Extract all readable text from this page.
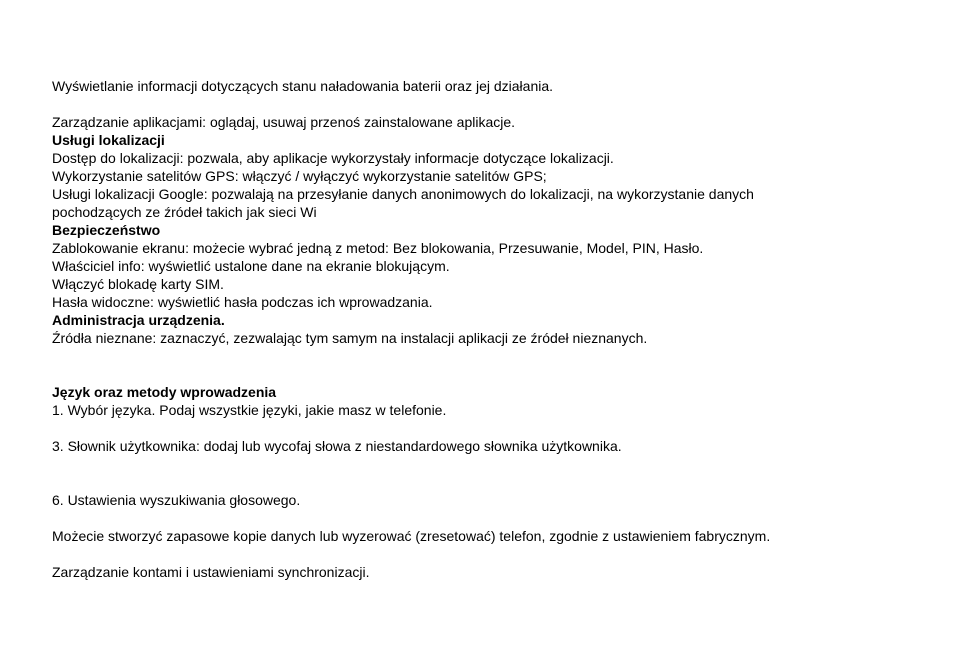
Wyświetlanie informacji dotyczących stanu naładowania baterii oraz jej działania.

Zarządzanie aplikacjami: oglądaj, usuwaj przenoś zainstalowane aplikacje.

Usługi lokalizacji

Dostęp do lokalizacji: pozwala, aby aplikacje wykorzystały informacje dotyczące lokalizacji.

Wykorzystanie satelitów GPS: włączyć / wyłączyć wykorzystanie satelitów GPS;

Usługi lokalizacji Google: pozwalają na przesyłanie danych anonimowych do lokalizacji, na wykorzystanie danych pochodzących ze źródeł takich jak sieci Wi

Bezpieczeństwo

Zablokowanie ekranu: możecie wybrać jedną z metod: Bez blokowania, Przesuwanie, Model, PIN, Hasło.

Właściciel info: wyświetlić ustalone dane na ekranie blokującym.

Włączyć blokadę karty SIM.

Hasła widoczne: wyświetlić hasła podczas ich wprowadzania.

Administracja urządzenia.

Źródła nieznane: zaznaczyć, zezwalając tym samym na instalacji aplikacji ze źródeł nieznanych.

Język oraz metody wprowadzenia

1. Wybór języka. Podaj wszystkie języki, jakie masz w telefonie.

3. Słownik użytkownika: dodaj lub wycofaj słowa z niestandardowego słownika użytkownika.

6. Ustawienia wyszukiwania głosowego.

Możecie stworzyć zapasowe kopie danych lub wyzerować (zresetować) telefon, zgodnie z ustawieniem fabrycznym.

Zarządzanie kontami i ustawieniami synchronizacji.
